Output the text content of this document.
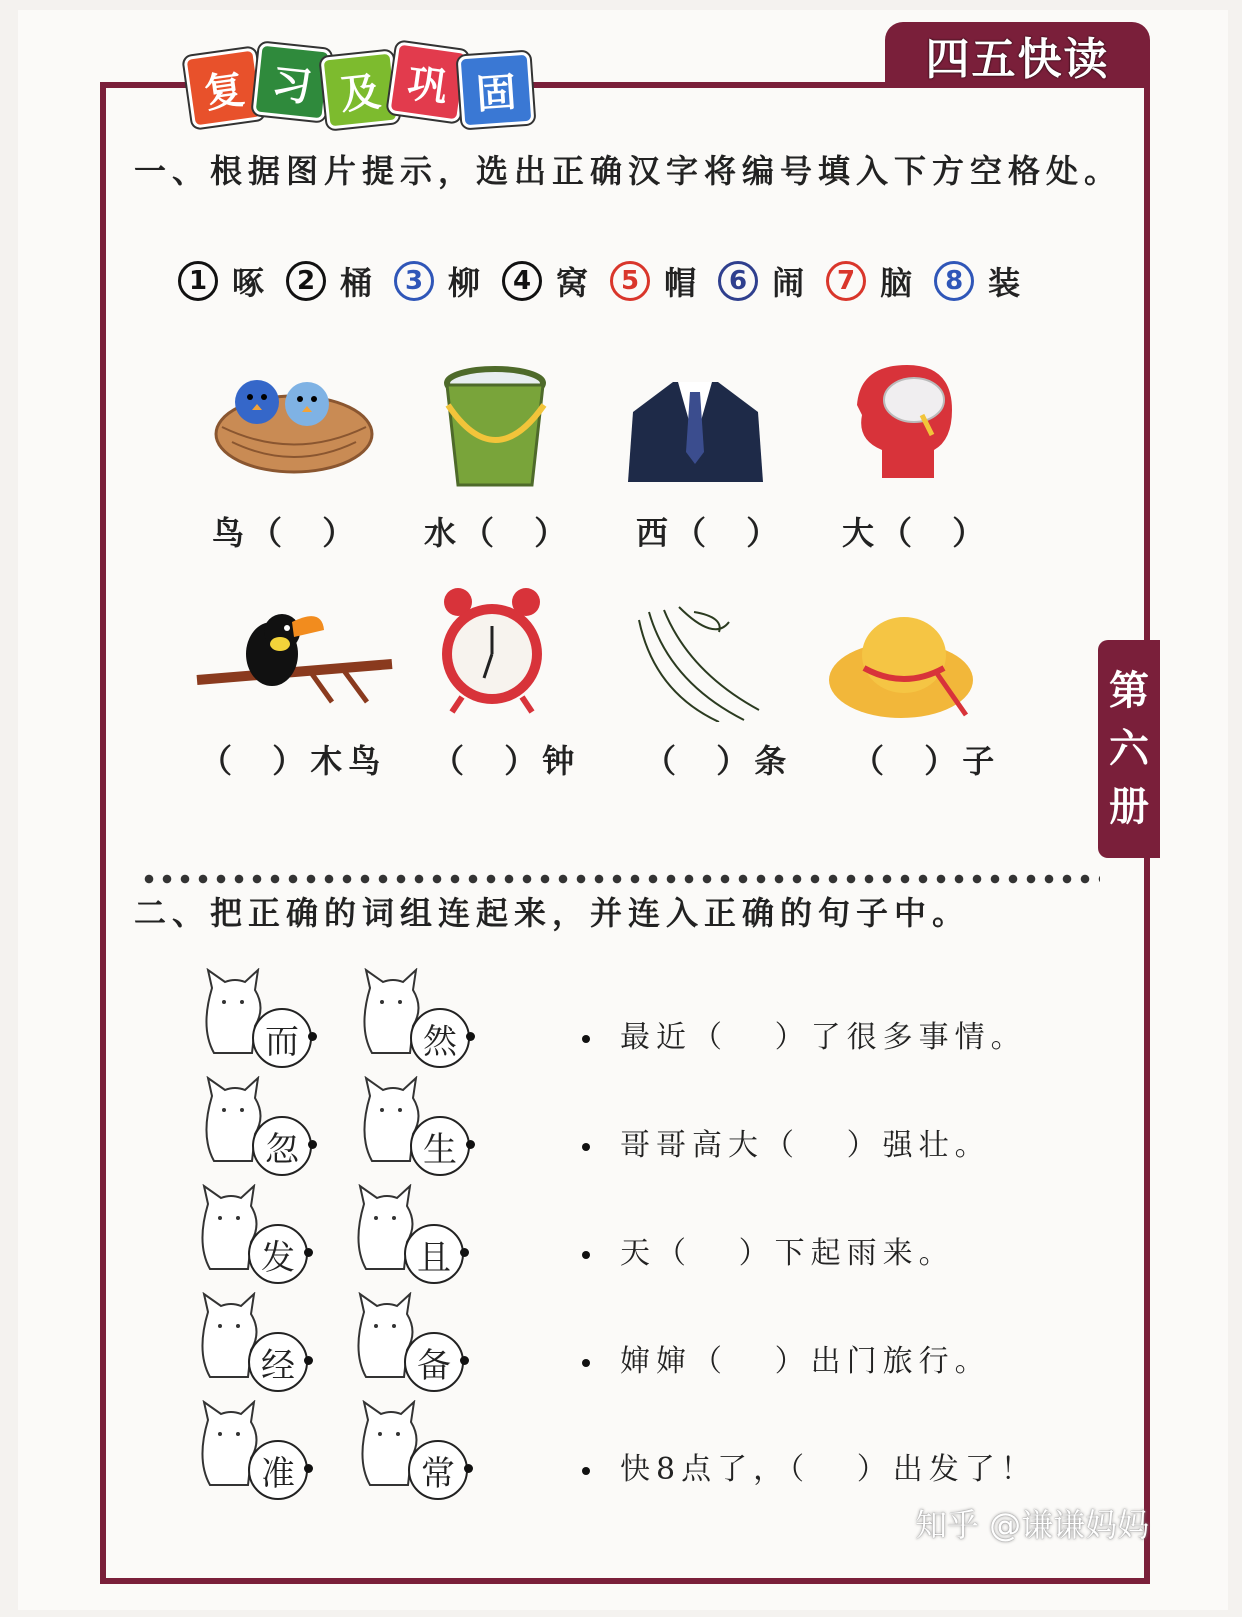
四五快读
复 习 及 巩 固
第
六
册
一、根据图片提示，选出正确汉字将编号填入下方空格处。
1 啄	2 桶	3 柳	4 窝	5 帽	6 闹	7 脑	8 装
鸟（  ） 水（  ） 西（  ） 大（  ）
（  ）木鸟 （  ）钟 （  ）条 （  ）子
二、把正确的词组连起来，并连入正确的句子中。
而	然
忽	生
发	且
经	备
准	常
最近（   ）了很多事情。
哥哥高大（   ）强壮。
天（   ）下起雨来。
婶婶（   ）出门旅行。
快8点了，（   ）出发了！
知乎 @谦谦妈妈
